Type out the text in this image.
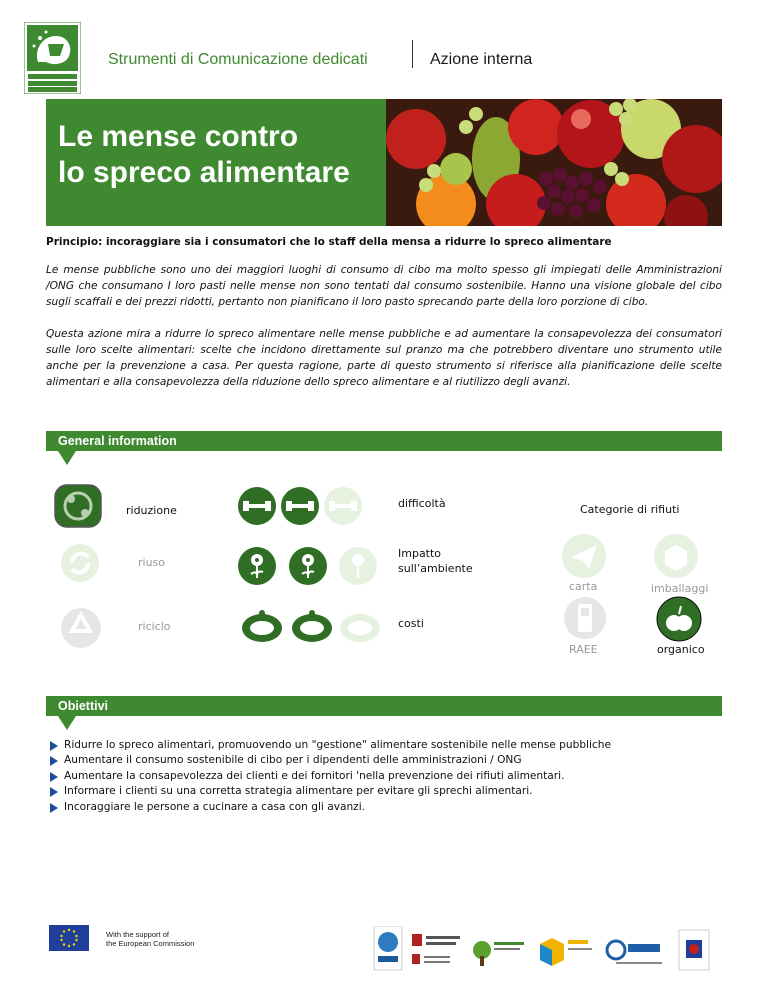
Strumenti di Comunicazione dedicati	Azione interna
Le mense contro
lo spreco alimentare
Principio: incoraggiare sia i consumatori che lo staff della mensa a ridurre lo spreco alimentare

Le mense pubbliche sono uno dei maggiori luoghi di consumo di cibo ma molto spesso gli impiegati delle Amministrazioni /ONG che consumano I loro pasti nelle mense non sono tentati dal consumo sostenibile. Hanno una visione globale del cibo sugli scaffali e dei prezzi ridotti, pertanto non pianificano il loro pasto sprecando parte della loro porzione di cibo.

Questa azione mira a ridurre lo spreco alimentare nelle mense pubbliche e ad aumentare la consapevolezza dei consumatori sulle loro scelte alimentari: scelte che incidono direttamente sul pranzo ma che potrebbero diventare uno strumento utile anche per la prevenzione a casa. Per questa ragione, parte di questo strumento si riferisce alla pianificazione delle scelte alimentari e alla consapevolezza della riduzione dello spreco alimentare e al riutilizzo degli avanzi.

General information
riduzione
riuso
riciclo
difficoltà
Impatto
sull’ambiente
costi
Categorie di rifiuti
carta	imballaggi
RAEE	organico
Obiettivi
Ridurre lo spreco alimentari, promuovendo un "gestione" alimentare sostenibile nelle mense pubbliche
Aumentare il consumo sostenibile di cibo per i dipendenti delle amministrazioni / ONG
Aumentare la consapevolezza dei clienti e dei fornitori 'nella prevenzione dei rifiuti alimentari.
Informare i clienti su una corretta strategia alimentare per evitare gli sprechi alimentari.
Incoraggiare le persone a cucinare a casa con gli avanzi.
With the support of
the European Commission
